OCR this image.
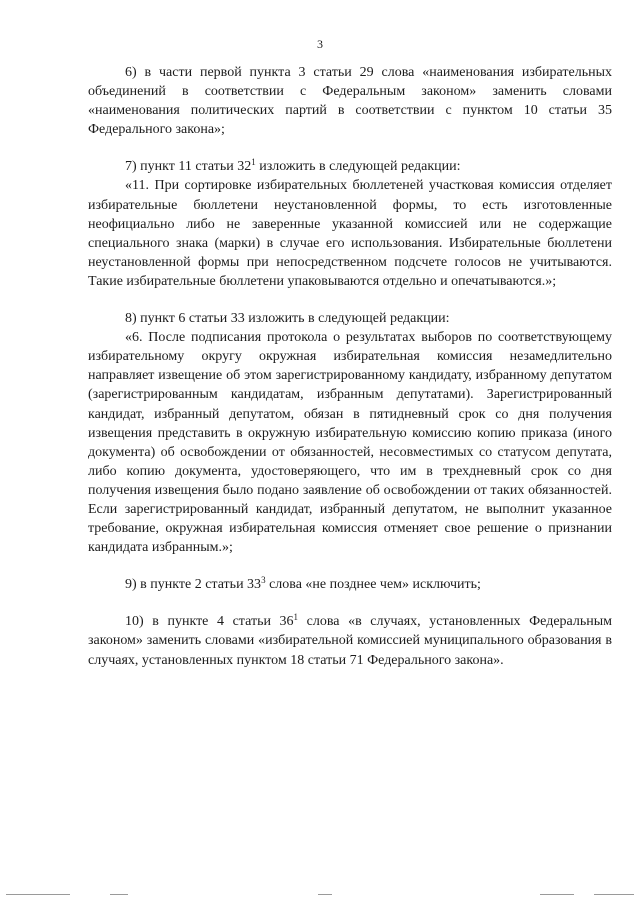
3

6) в части первой пункта 3 статьи 29 слова «наименования избирательных объединений в соответствии с Федеральным законом» заменить словами «наименования политических партий в соответствии с пунктом 10 статьи 35 Федерального закона»;

7) пункт 11 статьи $32^1$ изложить в следующей редакции:

«11. При сортировке избирательных бюллетеней участковая комиссия отделяет избирательные бюллетени неустановленной формы, то есть изготовленные неофициально либо не заверенные указанной комиссией или не содержащие специального знака (марки) в случае его использования. Избирательные бюллетени неустановленной формы при непосредственном подсчете голосов не учитываются. Такие избирательные бюллетени упаковываются отдельно и опечатываются.»;

8) пункт 6 статьи 33 изложить в следующей редакции:

«6. После подписания протокола о результатах выборов по соответствующему избирательному округу окружная избирательная комиссия незамедлительно направляет извещение об этом зарегистрированному кандидату, избранному депутатом (зарегистрированным кандидатам, избранным депутатами). Зарегистрированный кандидат, избранный депутатом, обязан в пятидневный срок со дня получения извещения представить в окружную избирательную комиссию копию приказа (иного документа) об освобождении от обязанностей, несовместимых со статусом депутата, либо копию документа, удостоверяющего, что им в трехдневный срок со дня получения извещения было подано заявление об освобождении от таких обязанностей. Если зарегистрированный кандидат, избранный депутатом, не выполнит указанное требование, окружная избирательная комиссия отменяет свое решение о признании кандидата избранным.»;

9) в пункте 2 статьи $33^3$ слова «не позднее чем» исключить;

10) в пункте 4 статьи $36^1$ слова «в случаях, установленных Федеральным законом» заменить словами «избирательной комиссией муниципального образования в случаях, установленных пунктом 18 статьи 71 Федерального закона».
